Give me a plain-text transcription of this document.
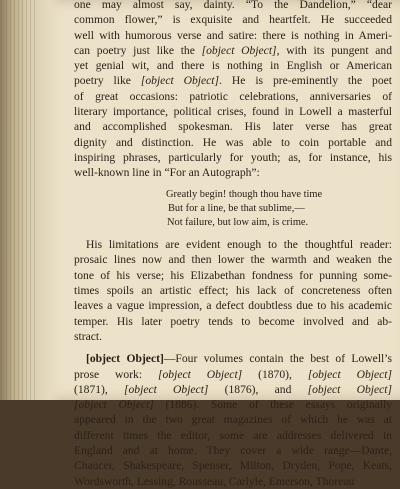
one may almost say, dainty. “To the Dandelion,” “dear
common flower,” is exquisite and heartfelt. He succeeded
well with humorous verse and satire: there is nothing in Ameri-
can poetry just like the [object Object], with its pungent and
yet genial wit, and there is nothing in English or American
poetry like [object Object]. He is pre-eminently the poet
of great occasions: patriotic celebrations, anniversaries of
literary importance, political crises, found in Lowell a masterful
and accomplished spokesman. His later verse has great
dignity and distinction. He was able to coin portable and
inspiring phrases, particularly for youth; as, for instance, his
well-known line in “For an Autograph”:
Greatly begin! though thou have time
But for a line, be that sublime,—
Not failure, but low aim, is crime.
His limitations are evident enough to the thoughtful reader:
prosaic lines now and then lower the warmth and weaken the
tone of his verse; his Elizabethan fondness for punning some-
times spoils an artistic effect; his lack of concreteness often
leaves a vague impression, a defect doubtless due to his academic
temper. His later poetry tends to become involved and ab-
stract.
[object Object]—Four volumes contain the best of Lowell’s
prose work: [object Object] (1870), [object Object]
(1871), [object Object] (1876), and [object Object]
[object Object] (1886). Some of these essays originally
appeared in the two great magazines of which he was at
different times the editor, some are addresses delivered in
England and at home. They cover a wide range—Dante,
Chaucer, Shakespeare, Spenser, Milton, Dryden, Pope, Keats,
Wordsworth, Lessing, Rousseau, Carlyle, Emerson, Thoreau
